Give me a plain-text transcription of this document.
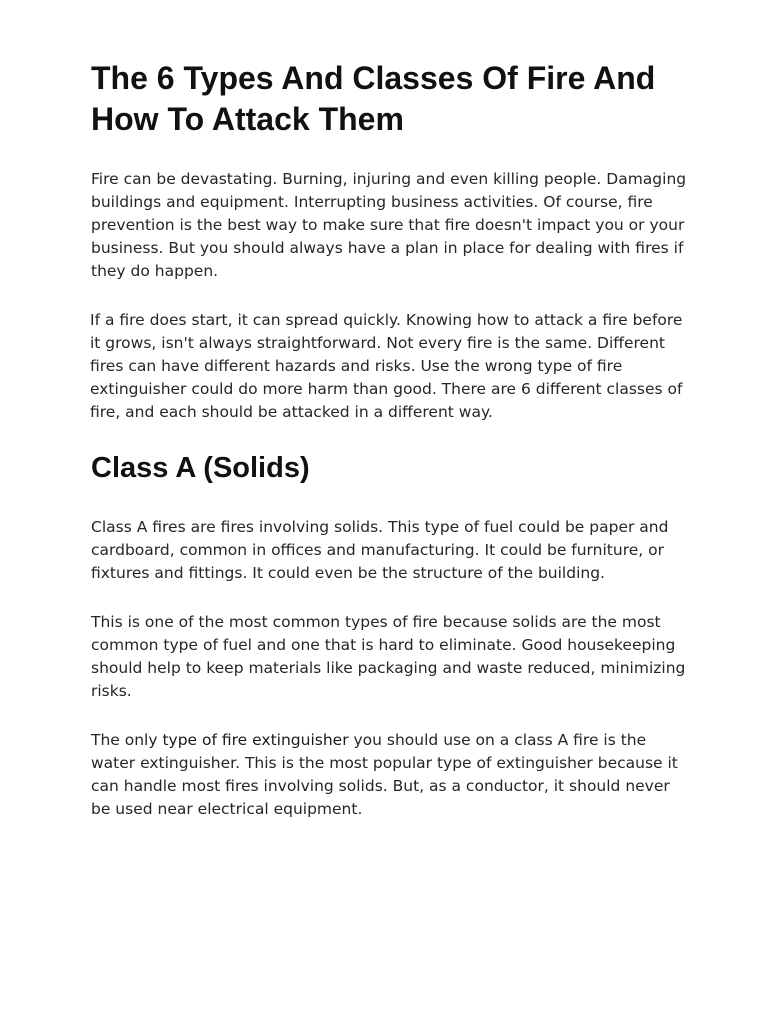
The 6 Types And Classes Of Fire And How To Attack Them

Fire can be devastating. Burning, injuring and even killing people. Damaging buildings and equipment. Interrupting business activities. Of course, fire prevention is the best way to make sure that fire doesn't impact you or your business. But you should always have a plan in place for dealing with fires if they do happen.

If a fire does start, it can spread quickly. Knowing how to attack a fire before it grows, isn't always straightforward. Not every fire is the same. Different fires can have different hazards and risks. Use the wrong type of fire extinguisher could do more harm than good. There are 6 different classes of fire, and each should be attacked in a different way.

Class A (Solids)

Class A fires are fires involving solids. This type of fuel could be paper and cardboard, common in offices and manufacturing. It could be furniture, or fixtures and fittings. It could even be the structure of the building.

This is one of the most common types of fire because solids are the most common type of fuel and one that is hard to eliminate. Good housekeeping should help to keep materials like packaging and waste reduced, minimizing risks.

The only type of fire extinguisher you should use on a class A fire is the water extinguisher. This is the most popular type of extinguisher because it can handle most fires involving solids. But, as a conductor, it should never be used near electrical equipment.
